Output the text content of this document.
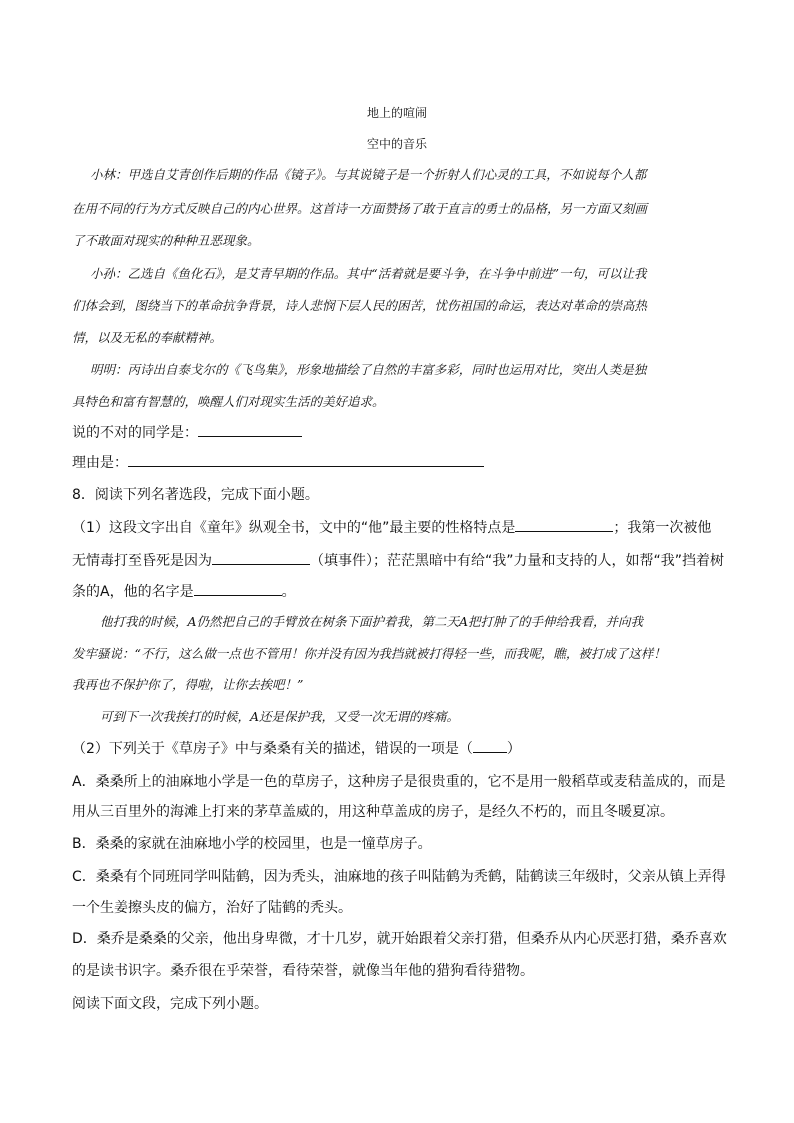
地上的喧闹
空中的音乐
小林：甲选自艾青创作后期的作品《镜子》。与其说镜子是一个折射人们心灵的工具，不如说每个人都
在用不同的行为方式反映自己的内心世界。这首诗一方面赞扬了敢于直言的勇士的品格，另一方面又刻画
了不敢面对现实的种种丑恶现象。
小孙：乙选自《鱼化石》，是艾青早期的作品。其中“活着就是要斗争，在斗争中前进”一句，可以让我
们体会到，图绕当下的革命抗争背景，诗人悲悯下层人民的困苦，忧伤祖国的命运，表达对革命的崇高热
情，以及无私的奉献精神。
明明：丙诗出自泰戈尔的《飞鸟集》，形象地描绘了自然的丰富多彩，同时也运用对比，突出人类是独
具特色和富有智慧的，唤醒人们对现实生活的美好追求。
说的不对的同学是：
理由是：
8．阅读下列名著选段，完成下面小题。
（1）这段文字出自《童年》纵观全书，文中的“他”最主要的性格特点是	；我第一次被他
无情毒打至昏死是因为	（填事件）；茫茫黑暗中有给“我”力量和支持的人，如帮“我”挡着树
条的A，他的名字是	。
他打我的时候，A仍然把自己的手臂放在树条下面护着我，第二天A把打肿了的手伸给我看，并向我
发牢骚说：“不行，这么做一点也不管用！你并没有因为我挡就被打得轻一些，而我呢，瞧，被打成了这样！
我再也不保护你了，得啦，让你去挨吧！”
可到下一次我挨打的时候，A还是保护我，又受一次无谓的疼痛。
（2）下列关于《草房子》中与桑桑有关的描述，错误的一项是（ ）
A．桑桑所上的油麻地小学是一色的草房子，这种房子是很贵重的，它不是用一般稻草或麦秸盖成的，而是
用从三百里外的海滩上打来的茅草盖威的，用这种草盖成的房子，是经久不朽的，而且冬暖夏凉。
B．桑桑的家就在油麻地小学的校园里，也是一憧草房子。
C．桑桑有个同班同学叫陆鹤，因为秃头，油麻地的孩子叫陆鹤为秃鹤，陆鹤读三年级时，父亲从镇上弄得
一个生姜擦头皮的偏方，治好了陆鹤的秃头。
D．桑乔是桑桑的父亲，他出身卑微，才十几岁，就开始跟着父亲打猎，但桑乔从内心厌恶打猎，桑乔喜欢
的是读书识字。桑乔很在乎荣誉，看待荣誉，就像当年他的猎狗看待猎物。
阅读下面文段，完成下列小题。
